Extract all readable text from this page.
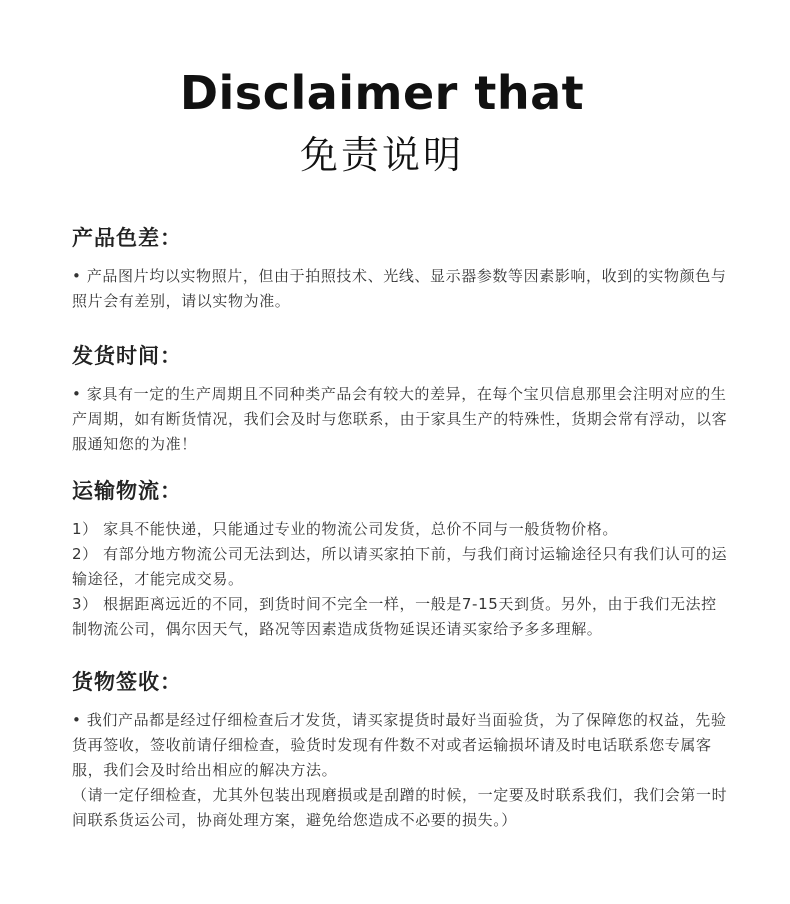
Disclaimer that
免责说明
产品色差：

• 产品图片均以实物照片，但由于拍照技术、光线、显示器参数等因素影响，收到的实物颜色与照片会有差别，请以实物为准。

发货时间：

• 家具有一定的生产周期且不同种类产品会有较大的差异，在每个宝贝信息那里会注明对应的生产周期，如有断货情况，我们会及时与您联系，由于家具生产的特殊性，货期会常有浮动，以客服通知您的为准！

运输物流：

1） 家具不能快递，只能通过专业的物流公司发货，总价不同与一般货物价格。

2） 有部分地方物流公司无法到达，所以请买家拍下前，与我们商讨运输途径只有我们认可的运输途径，才能完成交易。

3） 根据距离远近的不同，到货时间不完全一样，一般是7-15天到货。另外，由于我们无法控制物流公司，偶尔因天气，路况等因素造成货物延误还请买家给予多多理解。

货物签收：

• 我们产品都是经过仔细检查后才发货，请买家提货时最好当面验货，为了保障您的权益，先验货再签收，签收前请仔细检查，验货时发现有件数不对或者运输损坏请及时电话联系您专属客服，我们会及时给出相应的解决方法。

（请一定仔细检查，尤其外包装出现磨损或是刮蹭的时候，一定要及时联系我们，我们会第一时间联系货运公司，协商处理方案，避免给您造成不必要的损失。）
